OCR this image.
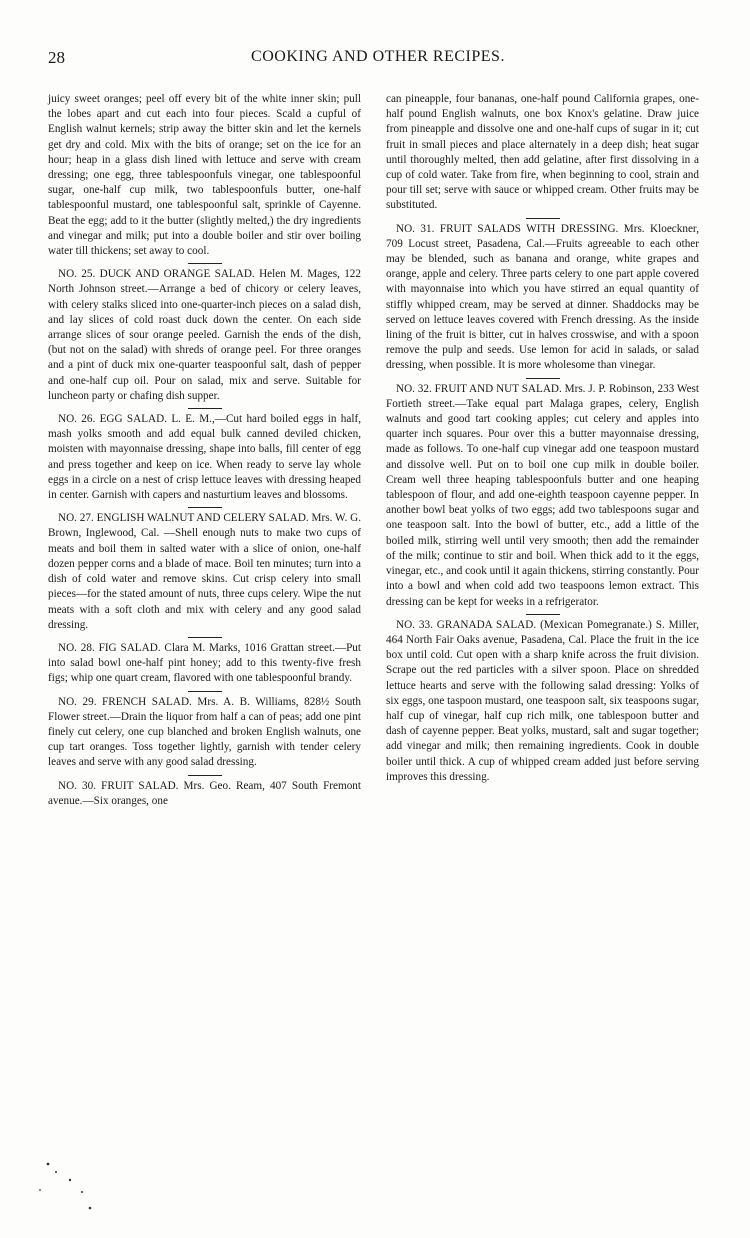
28	COOKING AND OTHER RECIPES.

juicy sweet oranges; peel off every bit of the white inner skin; pull the lobes apart and cut each into four pieces. Scald a cupful of English walnut kernels; strip away the bitter skin and let the kernels get dry and cold. Mix with the bits of orange; set on the ice for an hour; heap in a glass dish lined with lettuce and serve with cream dressing; one egg, three tablespoonfuls vinegar, one tablespoonful sugar, one-half cup milk, two tablespoonfuls butter, one-half tablespoonful mustard, one tablespoonful salt, sprinkle of Cayenne. Beat the egg; add to it the butter (slightly melted,) the dry ingredients and vinegar and milk; put into a double boiler and stir over boiling water till thickens; set away to cool.

NO. 25. DUCK AND ORANGE SALAD. Helen M. Mages, 122 North Johnson street.—Arrange a bed of chicory or celery leaves, with celery stalks sliced into one-quarter-inch pieces on a salad dish, and lay slices of cold roast duck down the center. On each side arrange slices of sour orange peeled. Garnish the ends of the dish, (but not on the salad) with shreds of orange peel. For three oranges and a pint of duck mix one-quarter teaspoonful salt, dash of pepper and one-half cup oil. Pour on salad, mix and serve. Suitable for luncheon party or chafing dish supper.

NO. 26. EGG SALAD. L. E. M.,—Cut hard boiled eggs in half, mash yolks smooth and add equal bulk canned deviled chicken, moisten with mayonnaise dressing, shape into balls, fill center of egg and press together and keep on ice. When ready to serve lay whole eggs in a circle on a nest of crisp lettuce leaves with dressing heaped in center. Garnish with capers and nasturtium leaves and blossoms.

NO. 27. ENGLISH WALNUT AND CELERY SALAD. Mrs. W. G. Brown, Inglewood, Cal. —Shell enough nuts to make two cups of meats and boil them in salted water with a slice of onion, one-half dozen pepper corns and a blade of mace. Boil ten minutes; turn into a dish of cold water and remove skins. Cut crisp celery into small pieces—for the stated amount of nuts, three cups celery. Wipe the nut meats with a soft cloth and mix with celery and any good salad dressing.

NO. 28. FIG SALAD. Clara M. Marks, 1016 Grattan street.—Put into salad bowl one-half pint honey; add to this twenty-five fresh figs; whip one quart cream, flavored with one tablespoonful brandy.

NO. 29. FRENCH SALAD. Mrs. A. B. Williams, 828½ South Flower street.—Drain the liquor from half a can of peas; add one pint finely cut celery, one cup blanched and broken English walnuts, one cup tart oranges. Toss together lightly, garnish with tender celery leaves and serve with any good salad dressing.

NO. 30. FRUIT SALAD. Mrs. Geo. Ream, 407 South Fremont avenue.—Six oranges, one

can pineapple, four bananas, one-half pound California grapes, one-half pound English walnuts, one box Knox's gelatine. Draw juice from pineapple and dissolve one and one-half cups of sugar in it; cut fruit in small pieces and place alternately in a deep dish; heat sugar until thoroughly melted, then add gelatine, after first dissolving in a cup of cold water. Take from fire, when beginning to cool, strain and pour till set; serve with sauce or whipped cream. Other fruits may be substituted.

NO. 31. FRUIT SALADS WITH DRESSING. Mrs. Kloeckner, 709 Locust street, Pasadena, Cal.—Fruits agreeable to each other may be blended, such as banana and orange, white grapes and orange, apple and celery. Three parts celery to one part apple covered with mayonnaise into which you have stirred an equal quantity of stiffly whipped cream, may be served at dinner. Shaddocks may be served on lettuce leaves covered with French dressing. As the inside lining of the fruit is bitter, cut in halves crosswise, and with a spoon remove the pulp and seeds. Use lemon for acid in salads, or salad dressing, when possible. It is more wholesome than vinegar.

NO. 32. FRUIT AND NUT SALAD. Mrs. J. P. Robinson, 233 West Fortieth street.—Take equal part Malaga grapes, celery, English walnuts and good tart cooking apples; cut celery and apples into quarter inch squares. Pour over this a butter mayonnaise dressing, made as follows. To one-half cup vinegar add one teaspoon mustard and dissolve well. Put on to boil one cup milk in double boiler. Cream well three heaping tablespoonfuls butter and one heaping tablespoon of flour, and add one-eighth teaspoon cayenne pepper. In another bowl beat yolks of two eggs; add two tablespoons sugar and one teaspoon salt. Into the bowl of butter, etc., add a little of the boiled milk, stirring well until very smooth; then add the remainder of the milk; continue to stir and boil. When thick add to it the eggs, vinegar, etc., and cook until it again thickens, stirring constantly. Pour into a bowl and when cold add two teaspoons lemon extract. This dressing can be kept for weeks in a refrigerator.

NO. 33. GRANADA SALAD. (Mexican Pomegranate.) S. Miller, 464 North Fair Oaks avenue, Pasadena, Cal. Place the fruit in the ice box until cold. Cut open with a sharp knife across the fruit division. Scrape out the red particles with a silver spoon. Place on shredded lettuce hearts and serve with the following salad dressing: Yolks of six eggs, one taspoon mustard, one teaspoon salt, six teaspoons sugar, half cup of vinegar, half cup rich milk, one tablespoon butter and dash of cayenne pepper. Beat yolks, mustard, salt and sugar together; add vinegar and milk; then remaining ingredients. Cook in double boiler until thick. A cup of whipped cream added just before serving improves this dressing.
